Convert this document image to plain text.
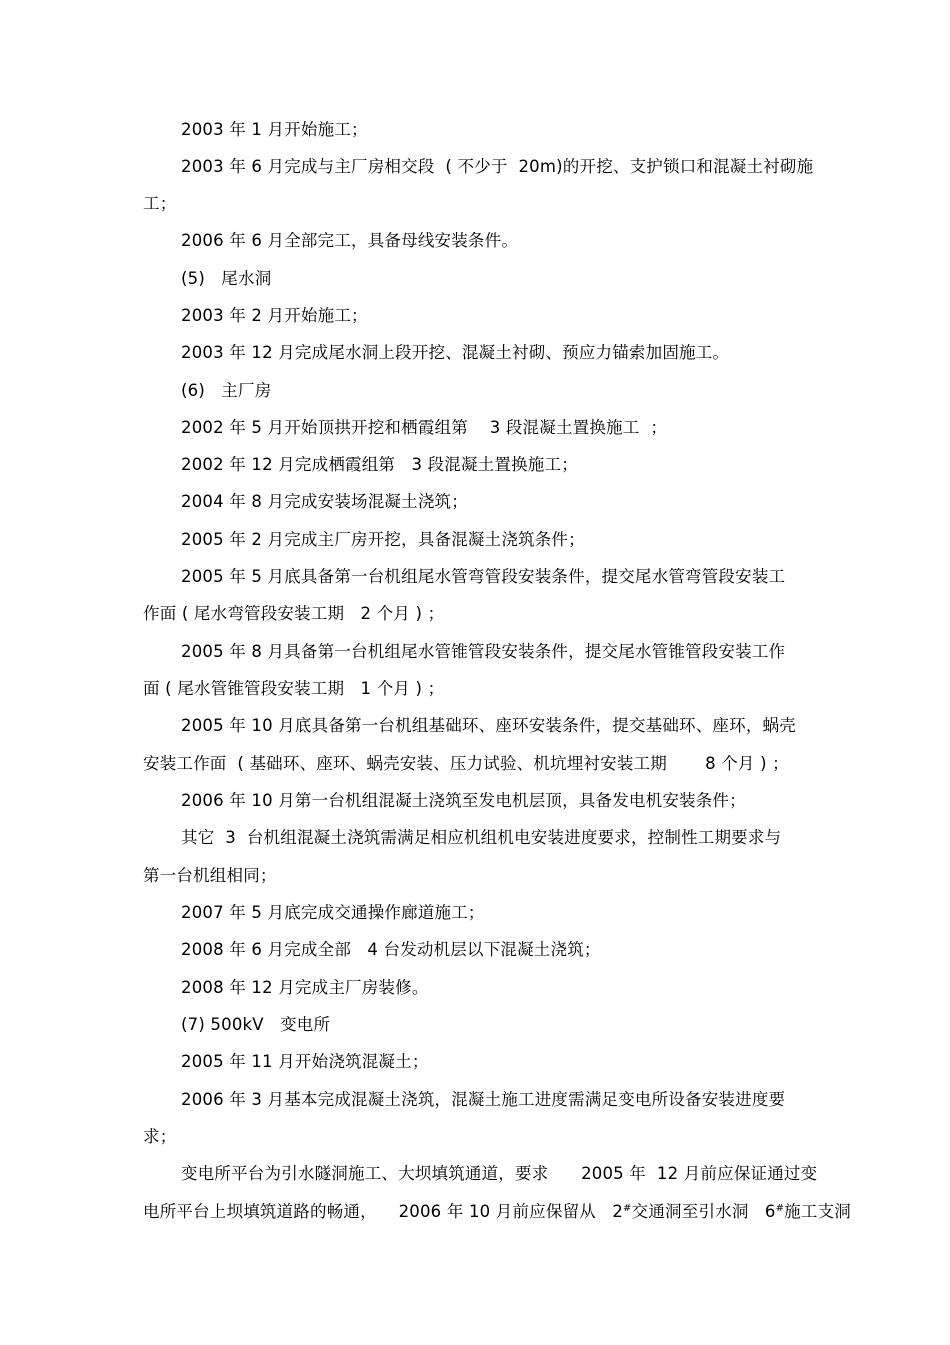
2003 年 1 月开始施工；
2003 年 6 月完成与主厂房相交段  ( 不少于  20m)的开挖、支护锁口和混凝土衬砌施
工；
2006 年 6 月全部完工，具备母线安装条件。
(5)   尾水洞
2003 年 2 月开始施工；
2003 年 12 月完成尾水洞上段开挖、混凝土衬砌、预应力锚索加固施工。
(6)   主厂房
2002 年 5 月开始顶拱开挖和栖霞组第    3 段混凝土置换施工  ；
2002 年 12 月完成栖霞组第   3 段混凝土置换施工；
2004 年 8 月完成安装场混凝土浇筑；
2005 年 2 月完成主厂房开挖，具备混凝土浇筑条件；
2005 年 5 月底具备第一台机组尾水管弯管段安装条件，提交尾水管弯管段安装工
作面 ( 尾水弯管段安装工期   2 个月 ) ；
2005 年 8 月具备第一台机组尾水管锥管段安装条件，提交尾水管锥管段安装工作
面 ( 尾水管锥管段安装工期   1 个月 ) ；
2005 年 10 月底具备第一台机组基础环、座环安装条件，提交基础环、座环，蜗壳
安装工作面  ( 基础环、座环、蜗壳安装、压力试验、机坑埋衬安装工期       8 个月 ) ；
2006 年 10 月第一台机组混凝土浇筑至发电机层顶，具备发电机安装条件；
其它  3  台机组混凝土浇筑需满足相应机组机电安装进度要求，控制性工期要求与
第一台机组相同；
2007 年 5 月底完成交通操作廊道施工；
2008 年 6 月完成全部   4 台发动机层以下混凝土浇筑；
2008 年 12 月完成主厂房装修。
(7) 500kV   变电所
2005 年 11 月开始浇筑混凝土；
2006 年 3 月基本完成混凝土浇筑，混凝土施工进度需满足变电所设备安装进度要
求；
变电所平台为引水隧洞施工、大坝填筑通道，要求      2005 年  12 月前应保证通过变
电所平台上坝填筑道路的畅通，    2006 年 10 月前应保留从   2#交通洞至引水洞   6#施工支洞
